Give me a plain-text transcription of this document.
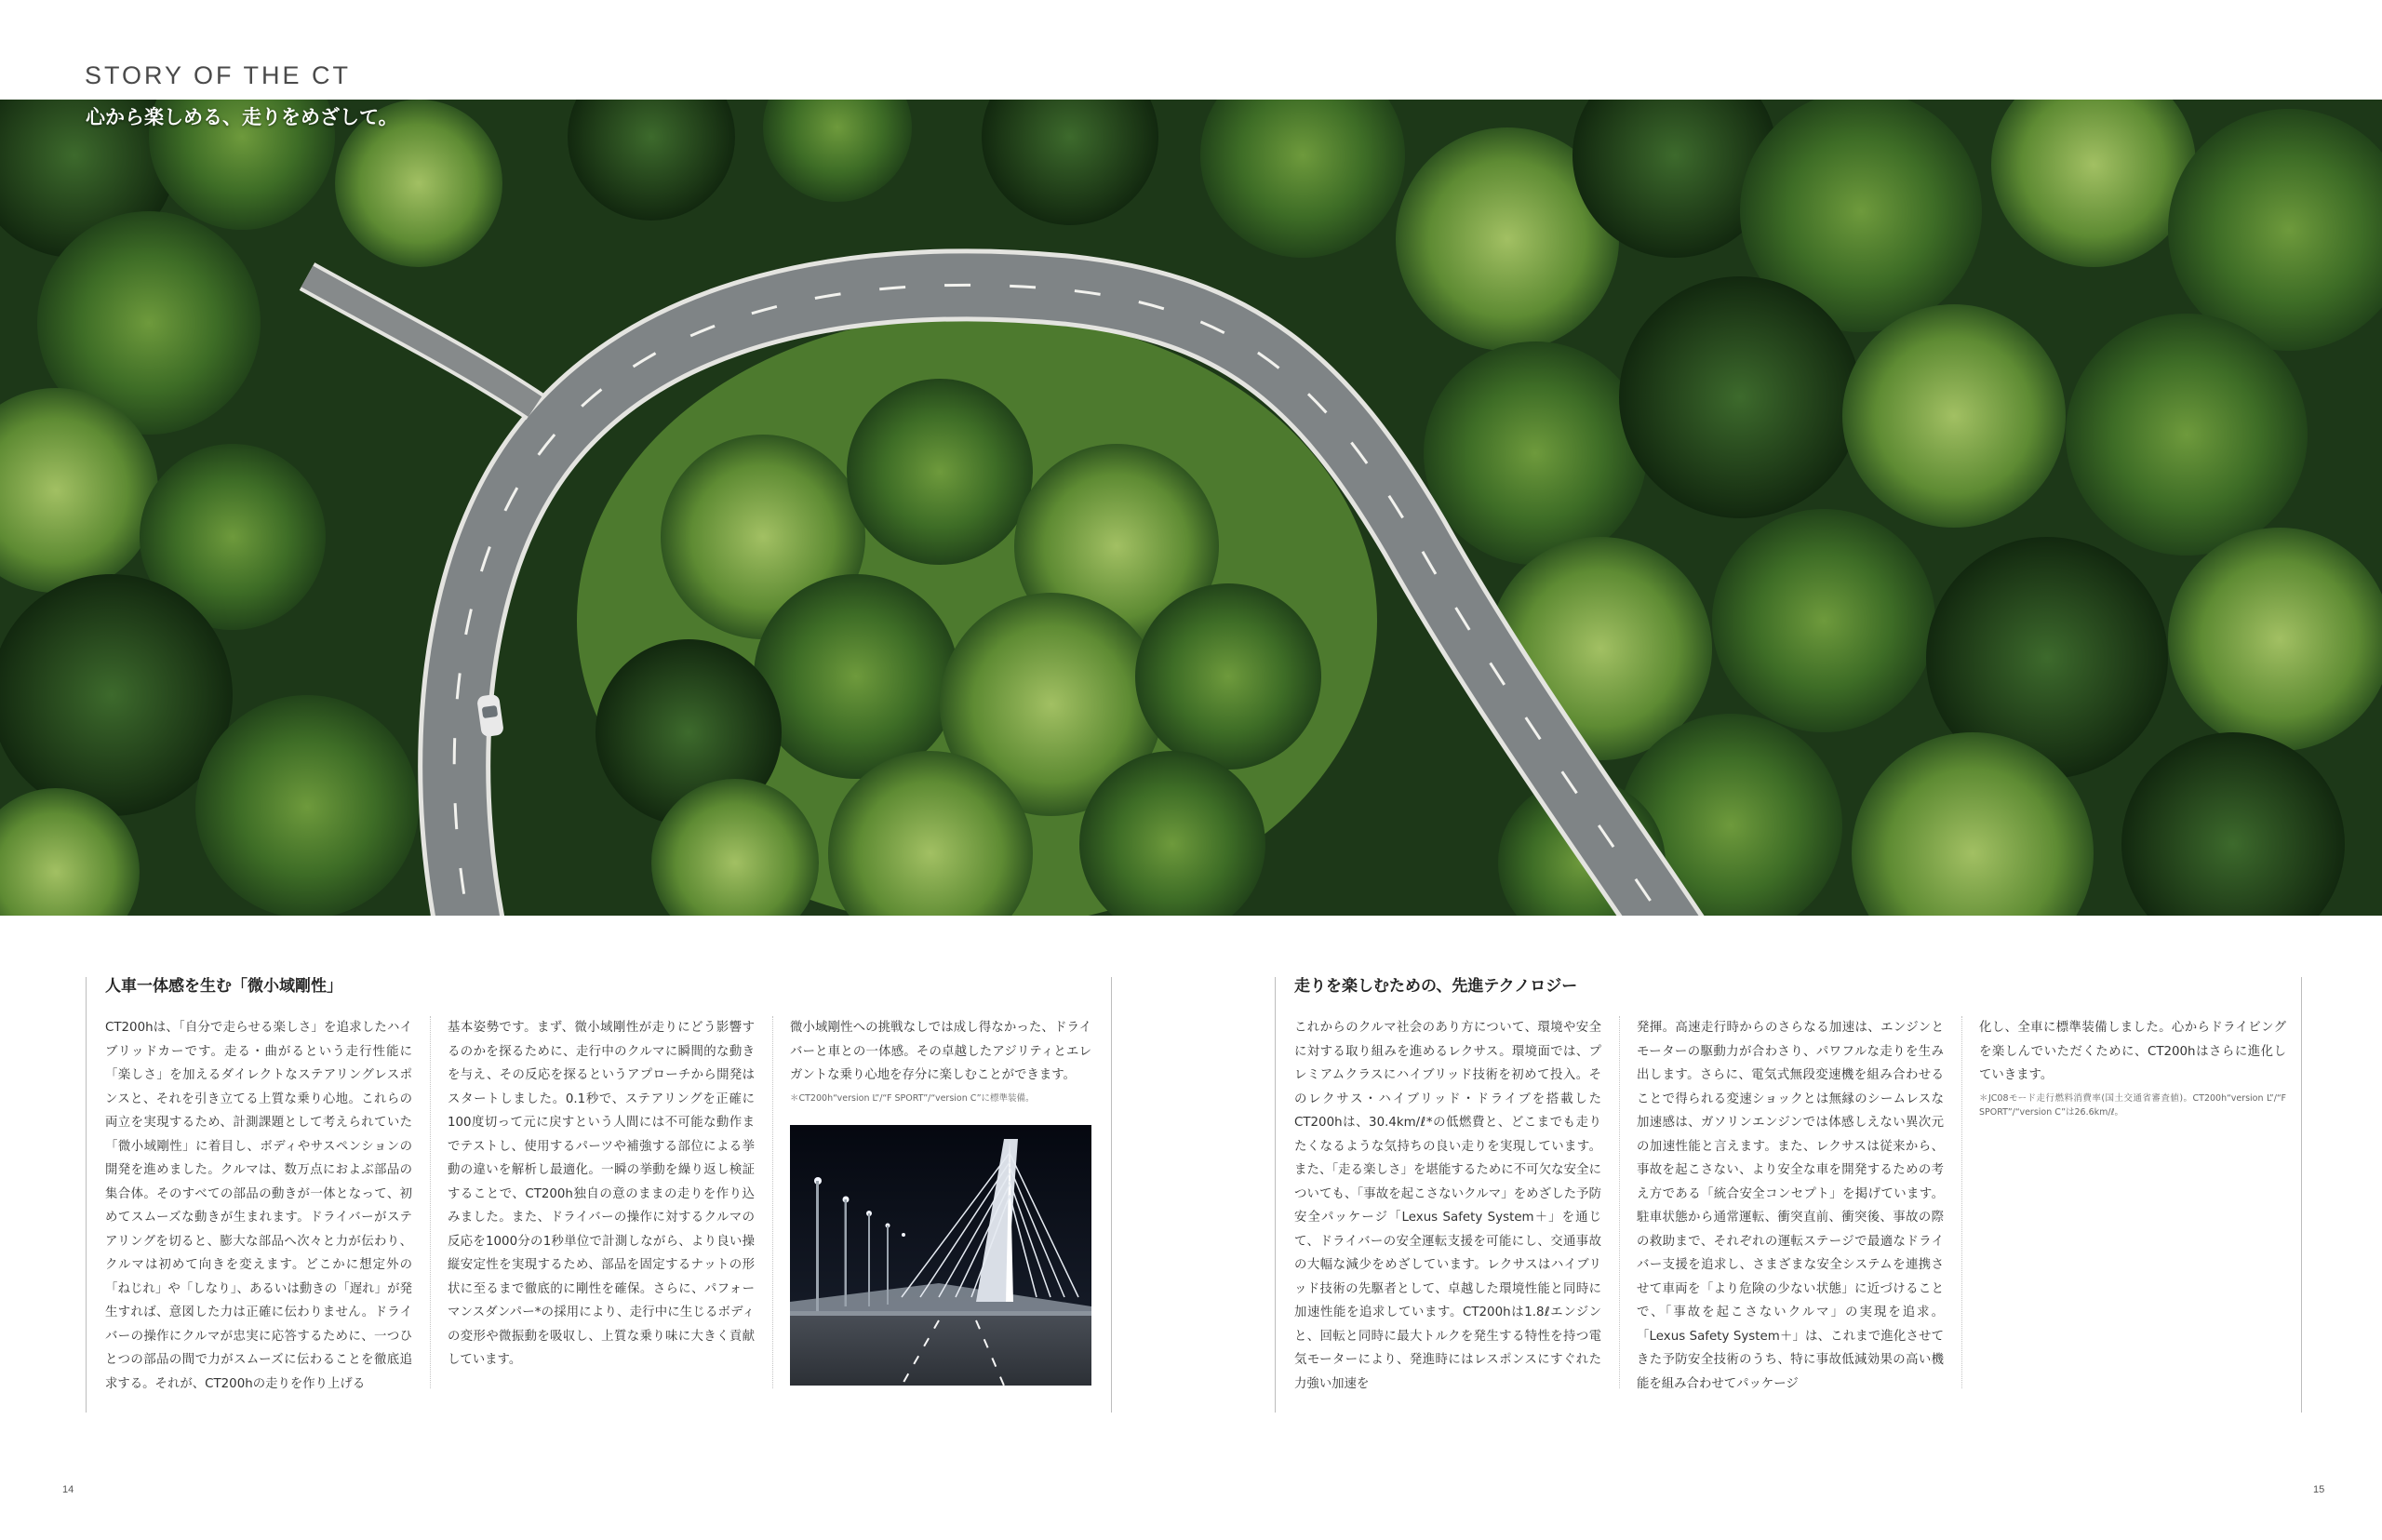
STORY OF THE CT
心から楽しめる、走りをめざして。
人車一体感を生む「微小域剛性」

CT200hは、「自分で走らせる楽しさ」を追求したハイブリッドカーです。走る・曲がるという走行性能に「楽しさ」を加えるダイレクトなステアリングレスポンスと、それを引き立てる上質な乗り心地。これらの両立を実現するため、計測課題として考えられていた「微小域剛性」に着目し、ボディやサスペンションの開発を進めました。クルマは、数万点におよぶ部品の集合体。そのすべての部品の動きが一体となって、初めてスムーズな動きが生まれます。ドライバーがステアリングを切ると、膨大な部品へ次々と力が伝わり、クルマは初めて向きを変えます。どこかに想定外の「ねじれ」や「しなり」、あるいは動きの「遅れ」が発生すれば、意図した力は正確に伝わりません。ドライバーの操作にクルマが忠実に応答するために、一つひとつの部品の間で力がスムーズに伝わることを徹底追求する。それが、CT200hの走りを作り上げる

基本姿勢です。まず、微小域剛性が走りにどう影響するのかを探るために、走行中のクルマに瞬間的な動きを与え、その反応を探るというアプローチから開発はスタートしました。0.1秒で、ステアリングを正確に100度切って元に戻すという人間には不可能な動作までテストし、使用するパーツや補強する部位による挙動の違いを解析し最適化。一瞬の挙動を繰り返し検証することで、CT200h独自の意のままの走りを作り込みました。また、ドライバーの操作に対するクルマの反応を1000分の1秒単位で計測しながら、より良い操縦安定性を実現するため、部品を固定するナットの形状に至るまで徹底的に剛性を確保。さらに、パフォーマンスダンパー*の採用により、走行中に生じるボディの変形や微振動を吸収し、上質な乗り味に大きく貢献しています。

微小域剛性への挑戦なしでは成し得なかった、ドライバーと車との一体感。その卓越したアジリティとエレガントな乗り心地を存分に楽しむことができます。

＊CT200h“version L”/“F SPORT”/“version C”に標準装備。
走りを楽しむための、先進テクノロジー

これからのクルマ社会のあり方について、環境や安全に対する取り組みを進めるレクサス。環境面では、プレミアムクラスにハイブリッド技術を初めて投入。そのレクサス・ハイブリッド・ドライブを搭載したCT200hは、30.4km/ℓ*の低燃費と、どこまでも走りたくなるような気持ちの良い走りを実現しています。また、「走る楽しさ」を堪能するために不可欠な安全についても、「事故を起こさないクルマ」をめざした予防安全パッケージ「Lexus Safety System＋」を通じて、ドライバーの安全運転支援を可能にし、交通事故の大幅な減少をめざしています。レクサスはハイブリッド技術の先駆者として、卓越した環境性能と同時に加速性能を追求しています。CT200hは1.8ℓエンジンと、回転と同時に最大トルクを発生する特性を持つ電気モーターにより、発進時にはレスポンスにすぐれた力強い加速を

発揮。高速走行時からのさらなる加速は、エンジンとモーターの駆動力が合わさり、パワフルな走りを生み出します。さらに、電気式無段変速機を組み合わせることで得られる変速ショックとは無縁のシームレスな加速感は、ガソリンエンジンでは体感しえない異次元の加速性能と言えます。また、レクサスは従来から、事故を起こさない、より安全な車を開発するための考え方である「統合安全コンセプト」を掲げています。駐車状態から通常運転、衝突直前、衝突後、事故の際の救助まで、それぞれの運転ステージで最適なドライバー支援を追求し、さまざまな安全システムを連携させて車両を「より危険の少ない状態」に近づけることで、「事故を起こさないクルマ」の実現を追求。「Lexus Safety System＋」は、これまで進化させてきた予防安全技術のうち、特に事故低減効果の高い機能を組み合わせてパッケージ

化し、全車に標準装備しました。心からドライビングを楽しんでいただくために、CT200hはさらに進化していきます。

＊JC08モード走行燃料消費率(国土交通省審査値)。CT200h“version L”/“F SPORT”/“version C”は26.6km/ℓ。
14	15
